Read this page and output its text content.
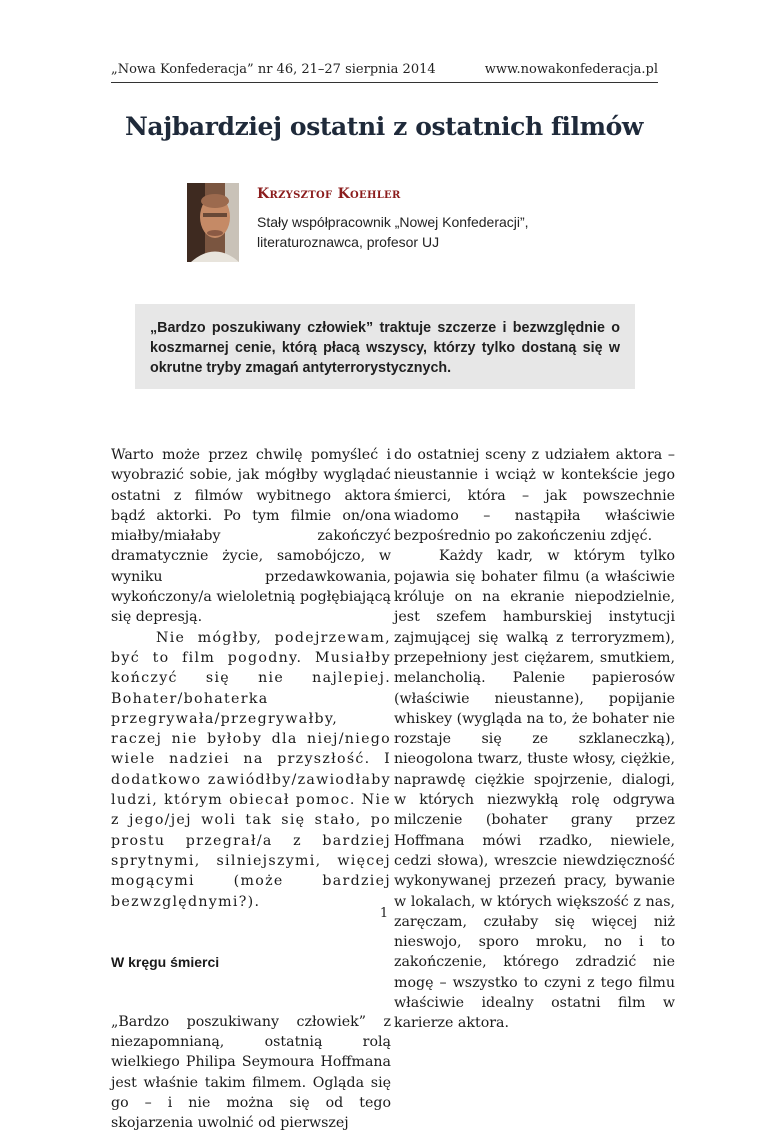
„Nowa Konfederacja” nr 46, 21–27 sierpnia 2014	www.nowakonfederacja.pl
Najbardziej ostatni z ostatnich filmów
Krzysztof Koehler
Stały współpracownik „Nowej Konfederacji”, literaturoznawca, profesor UJ

„Bardzo poszukiwany człowiek” traktuje szczerze i bezwzględnie o koszmarnej cenie, którą płacą wszyscy, którzy tylko dostaną się w okrutne tryby zmagań antyterrorystycznych.

Warto może przez chwilę pomyśleć i wyobrazić sobie, jak mógłby wyglądać ostatni z filmów wybitnego aktora bądź aktorki. Po tym filmie on/ona miałby/miałaby zakończyć dramatycznie życie, samobójczo, w wyniku przedawkowania, wykończony/a wieloletnią pogłębiającą się depresją.

Nie mógłby, podejrzewam, być to film pogodny. Musiałby kończyć się nie najlepiej. Bohater/bohaterka przegrywała/przegrywałby, raczej nie byłoby dla niej/niego wiele nadziei na przyszłość. I dodatkowo zawiódłby/zawiodłaby ludzi, którym obiecał pomoc. Nie z jego/jej woli tak się stało, po prostu przegrał/a z bardziej sprytnymi, silniejszymi, więcej mogącymi (może bardziej bezwzględnymi?).

W kręgu śmierci

„Bardzo poszukiwany człowiek” z niezapomnianą, ostatnią rolą wielkiego Philipa Seymoura Hoffmana jest właśnie takim filmem. Ogląda się go – i nie można się od tego skojarzenia uwolnić od pierwszej

do ostatniej sceny z udziałem aktora – nieustannie i wciąż w kontekście jego śmierci, która – jak powszechnie wiadomo – nastąpiła właściwie bezpośrednio po zakończeniu zdjęć.

Każdy kadr, w którym tylko pojawia się bohater filmu (a właściwie króluje on na ekranie niepodzielnie, jest szefem hamburskiej instytucji zajmującej się walką z terroryzmem), przepełniony jest ciężarem, smutkiem, melancholią. Palenie papierosów (właściwie nieustanne), popijanie whiskey (wygląda na to, że bohater nie rozstaje się ze szklaneczką), nieogolona twarz, tłuste włosy, ciężkie, naprawdę ciężkie spojrzenie, dialogi, w których niezwykłą rolę odgrywa milczenie (bohater grany przez Hoffmana mówi rzadko, niewiele, cedzi słowa), wreszcie niewdzięczność wykonywanej przezeń pracy, bywanie w lokalach, w których większość z nas, zaręczam, czułaby się więcej niż nieswojo, sporo mroku, no i to zakończenie, którego zdradzić nie mogę – wszystko to czyni z tego filmu właściwie idealny ostatni film w karierze aktora.

1
